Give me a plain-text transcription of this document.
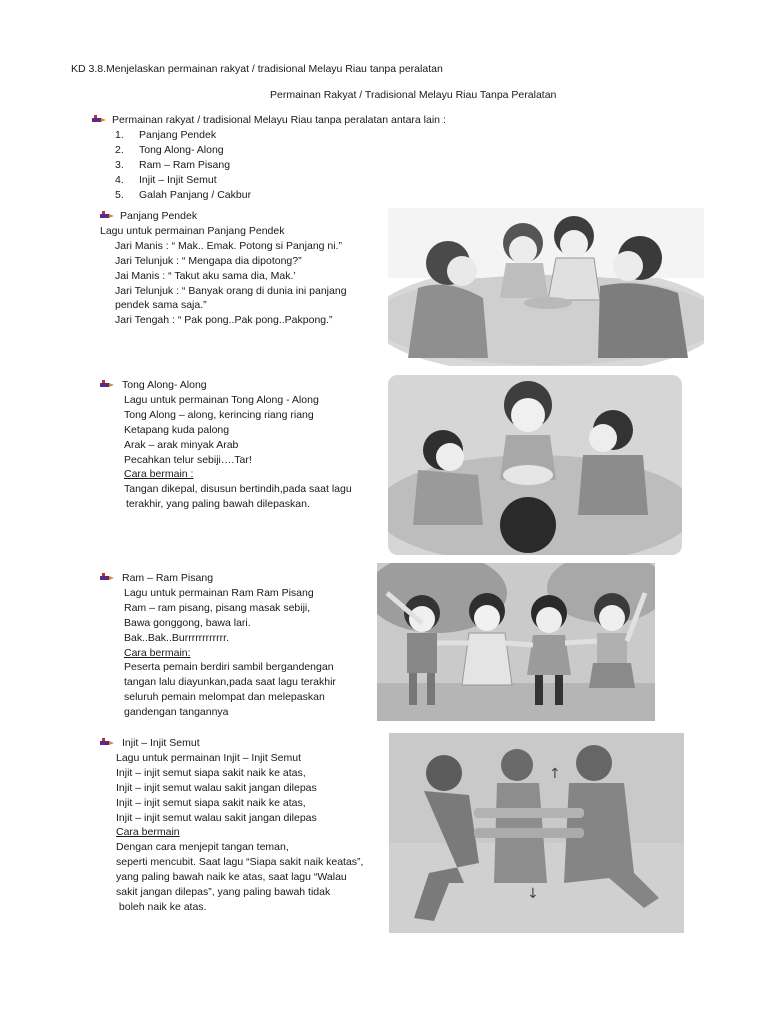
KD 3.8.Menjelaskan permainan rakyat / tradisional Melayu Riau tanpa peralatan
Permainan Rakyat / Tradisional Melayu Riau Tanpa Peralatan
Permainan rakyat / tradisional Melayu Riau tanpa peralatan antara lain :
1. Panjang Pendek
2. Tong Along- Along
3. Ram – Ram Pisang
4. Injit – Injit Semut
5. Galah Panjang / Cakbur
Panjang Pendek
Lagu untuk permainan Panjang Pendek
Jari Manis : “ Mak.. Emak. Potong si Panjang ni.”
Jari Telunjuk : “ Mengapa dia dipotong?”
Jai Manis : “ Takut aku sama dia, Mak.’
Jari Telunjuk : “ Banyak orang di dunia ini panjang
pendek sama saja.”
Jari Tengah : “ Pak pong..Pak pong..Pakpong.”
Tong Along- Along
Lagu untuk permainan Tong Along - Along
Tong Along – along, kerincing riang riang
Ketapang kuda palong
Arak – arak minyak Arab
Pecahkan telur sebiji….Tar!
Cara bermain :
Tangan dikepal, disusun bertindih,pada saat lagu
terakhir, yang paling bawah dilepaskan.
Ram – Ram Pisang
Lagu untuk permainan Ram Ram Pisang
Ram – ram pisang, pisang masak sebiji,
Bawa gonggong, bawa lari.
Bak..Bak..Burrrrrrrrrrrr.
Cara bermain:
Peserta pemain berdiri sambil bergandengan
tangan lalu diayunkan,pada saat lagu terakhir
seluruh pemain melompat dan melepaskan
gandengan tangannya
Injit – Injit Semut
Lagu untuk permainan Injit – Injit Semut
Injit – injit semut siapa sakit naik ke atas,
Injit – injit semut walau sakit jangan dilepas
Injit – injit semut siapa sakit naik ke atas,
Injit – injit semut walau sakit jangan dilepas
Cara bermain
Dengan cara menjepit tangan teman,
seperti mencubit. Saat lagu “Siapa sakit naik keatas”,
yang paling bawah naik ke atas, saat lagu “Walau
sakit jangan dilepas”, yang paling bawah tidak
boleh naik ke atas.
↑
↓
